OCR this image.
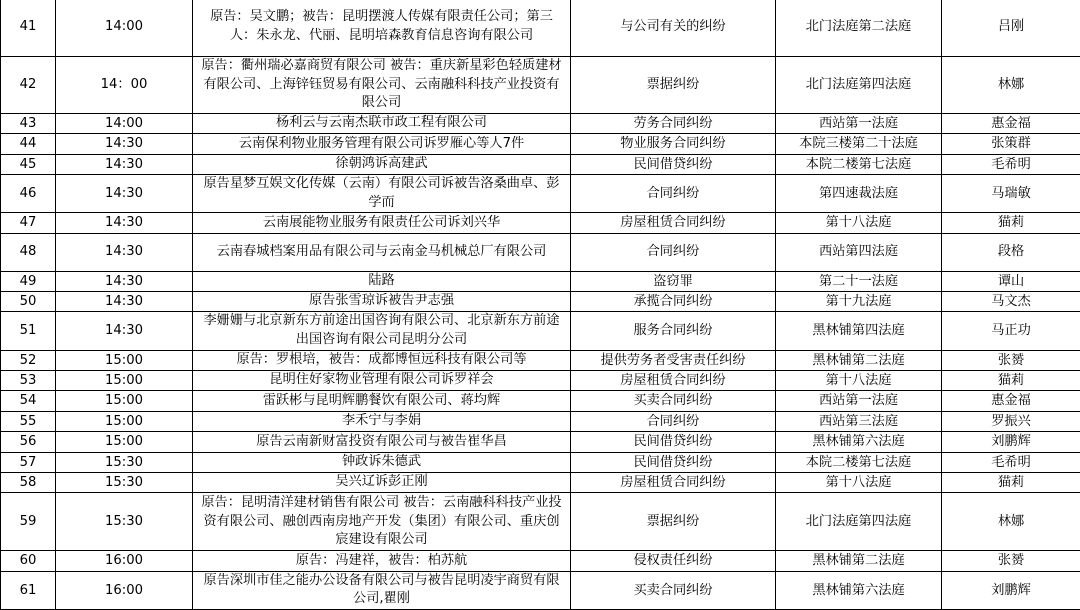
41	14:00	原告：吴文鹏；被告：昆明摆渡人传媒有限责任公司；第三人：朱永龙、代丽、昆明培森教育信息咨询有限公司	与公司有关的纠纷	北门法庭第二法庭	吕刚
42	14：00	原告：衢州瑞必嘉商贸有限公司 被告：重庆新星彩色轻质建材有限公司、上海锌钰贸易有限公司、云南融科科技产业投资有限公司	票据纠纷	北门法庭第四法庭	林娜
43	14:00	杨利云与云南杰联市政工程有限公司	劳务合同纠纷	西站第一法庭	惠金福
44	14:30	云南保利物业服务管理有限公司诉罗雁心等人7件	物业服务合同纠纷	本院三楼第二十法庭	张策群
45	14:30	徐朝鸿诉高建武	民间借贷纠纷	本院二楼第七法庭	毛希明
46	14:30	原告星梦互娱文化传媒（云南）有限公司诉被告洛桑曲卓、彭学而	合同纠纷	第四速裁法庭	马瑞敏
47	14:30	云南展能物业服务有限责任公司诉刘兴华	房屋租赁合同纠纷	第十八法庭	猫莉
48	14:30	云南春城档案用品有限公司与云南金马机械总厂有限公司	合同纠纷	西站第四法庭	段格
49	14:30	陆路	盗窃罪	第二十一法庭	谭山
50	14:30	原告张雪琼诉被告尹志强	承揽合同纠纷	第十九法庭	马文杰
51	14:30	李姗姗与北京新东方前途出国咨询有限公司、北京新东方前途出国咨询有限公司昆明分公司	服务合同纠纷	黑林铺第四法庭	马正功
52	15:00	原告：罗根培，被告：成都博恒远科技有限公司等	提供劳务者受害责任纠纷	黑林铺第二法庭	张赟
53	15:00	昆明住好家物业管理有限公司诉罗祥会	房屋租赁合同纠纷	第十八法庭	猫莉
54	15:00	雷跃彬与昆明辉鹏餐饮有限公司、蒋均辉	买卖合同纠纷	西站第一法庭	惠金福
55	15:00	李禾宁与李娟	合同纠纷	西站第三法庭	罗振兴
56	15:00	原告云南新财富投资有限公司与被告崔华昌	民间借贷纠纷	黑林铺第六法庭	刘鹏辉
57	15:30	钟政诉朱德武	民间借贷纠纷	本院二楼第七法庭	毛希明
58	15:30	吴兴辽诉彭正刚	房屋租赁合同纠纷	第十八法庭	猫莉
59	15:30	原告：昆明清洋建材销售有限公司 被告：云南融科科技产业投资有限公司、融创西南房地产开发（集团）有限公司、重庆创宸建设有限公司	票据纠纷	北门法庭第四法庭	林娜
60	16:00	原告：冯建祥，被告：柏苏航	侵权责任纠纷	黑林铺第二法庭	张赟
61	16:00	原告深圳市佳之能办公设备有限公司与被告昆明凌宇商贸有限公司,瞿刚	买卖合同纠纷	黑林铺第六法庭	刘鹏辉
